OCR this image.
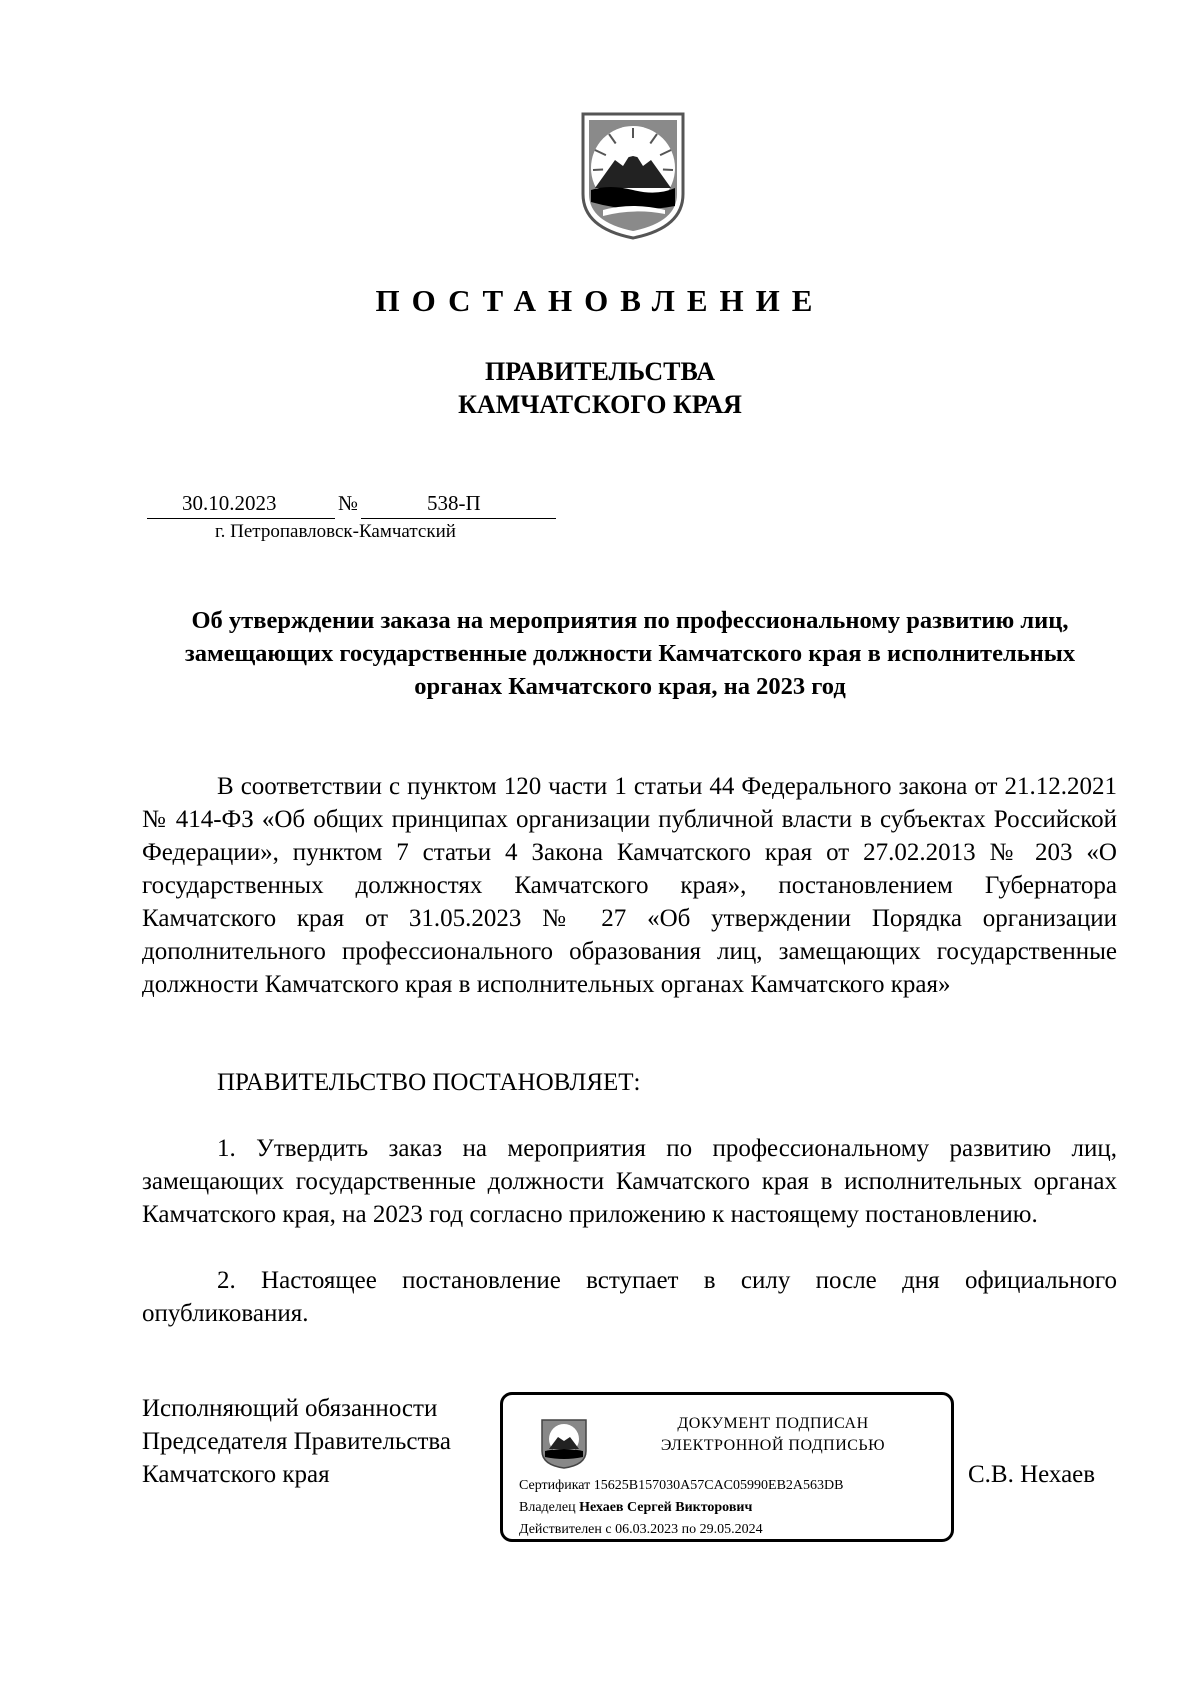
ПОСТАНОВЛЕНИЕ
ПРАВИТЕЛЬСТВА
КАМЧАТСКОГО КРАЯ
30.10.2023	№	538-П
г. Петропавловск-Камчатский
Об утверждении заказа на мероприятия по профессиональному развитию лиц, замещающих государственные должности Камчатского края в исполнительных органах Камчатского края, на 2023 год

В соответствии с пунктом 120 части 1 статьи 44 Федерального закона от 21.12.2021 № 414-ФЗ «Об общих принципах организации публичной власти в субъектах Российской Федерации», пунктом 7 статьи 4 Закона Камчатского края от 27.02.2013 № 203 «О государственных должностях Камчатского края», постановлением Губернатора Камчатского края от 31.05.2023 № 27 «Об утверждении Порядка организации дополнительного профессионального образования лиц, замещающих государственные должности Камчатского края в исполнительных органах Камчатского края»

ПРАВИТЕЛЬСТВО ПОСТАНОВЛЯЕТ:

1. Утвердить заказ на мероприятия по профессиональному развитию лиц, замещающих государственные должности Камчатского края в исполнительных органах Камчатского края, на 2023 год согласно приложению к настоящему постановлению.

2. Настоящее постановление вступает в силу после дня официального опубликования.

Исполняющий обязанности
Председателя Правительства
Камчатского края	С.В. Нехаев
ДОКУМЕНТ ПОДПИСАН
ЭЛЕКТРОННОЙ ПОДПИСЬЮ
Сертификат 15625B157030A57CAC05990EB2A563DB
Владелец Нехаев Сергей Викторович
Действителен с 06.03.2023 по 29.05.2024
